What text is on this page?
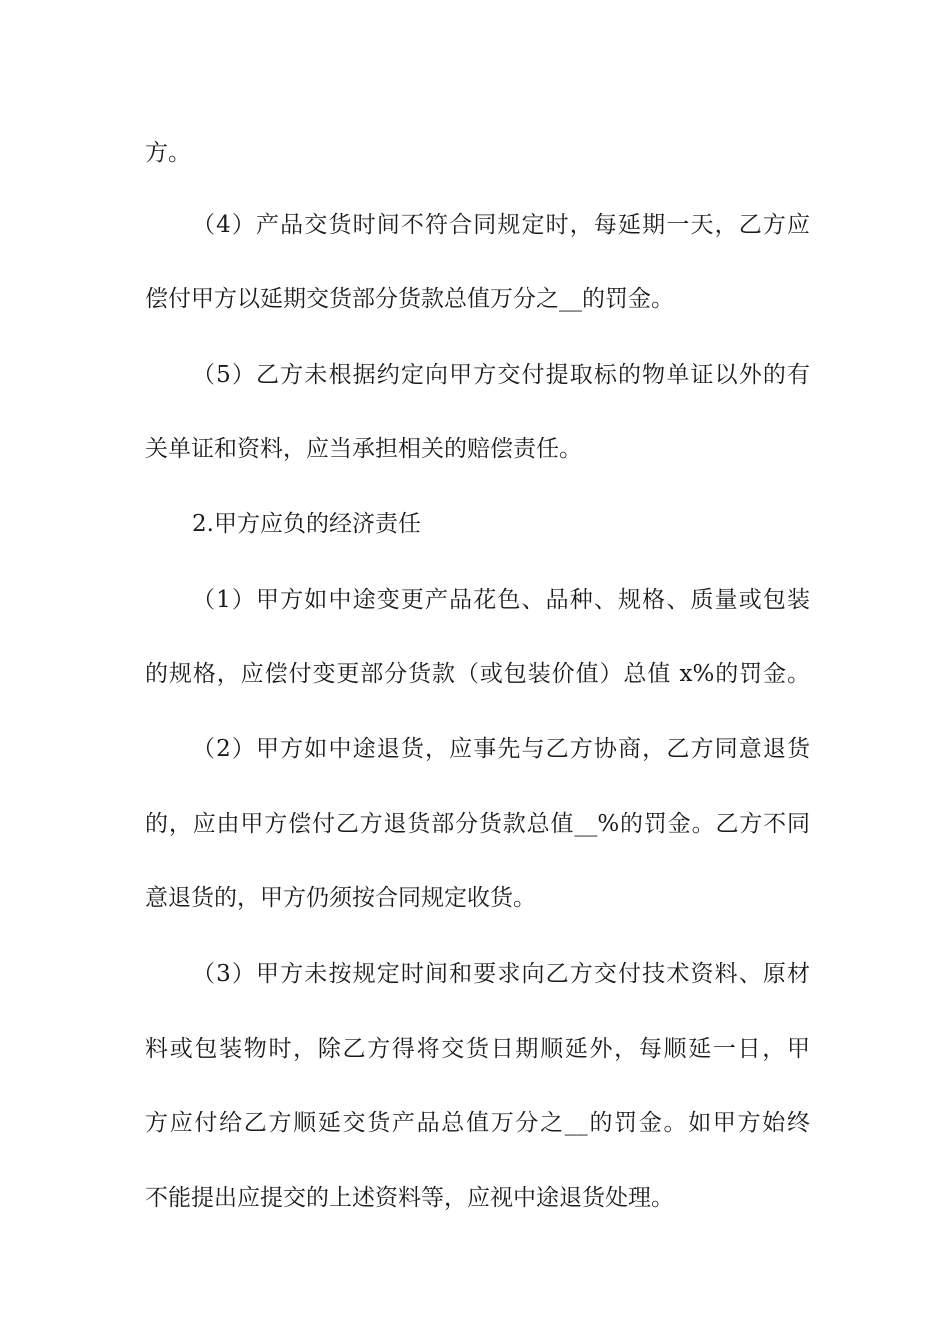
方。
（4）产品交货时间不符合同规定时，每延期一天，乙方应
偿付甲方以延期交货部分货款总值万分之__的罚金。
（5）乙方未根据约定向甲方交付提取标的物单证以外的有
关单证和资料，应当承担相关的赔偿责任。
2.甲方应负的经济责任
（1）甲方如中途变更产品花色、品种、规格、质量或包装
的规格，应偿付变更部分货款（或包装价值）总值 x%的罚金。
（2）甲方如中途退货，应事先与乙方协商，乙方同意退货
的，应由甲方偿付乙方退货部分货款总值__%的罚金。乙方不同
意退货的，甲方仍须按合同规定收货。
（3）甲方未按规定时间和要求向乙方交付技术资料、原材
料或包装物时，除乙方得将交货日期顺延外，每顺延一日，甲
方应付给乙方顺延交货产品总值万分之__的罚金。如甲方始终
不能提出应提交的上述资料等，应视中途退货处理。
